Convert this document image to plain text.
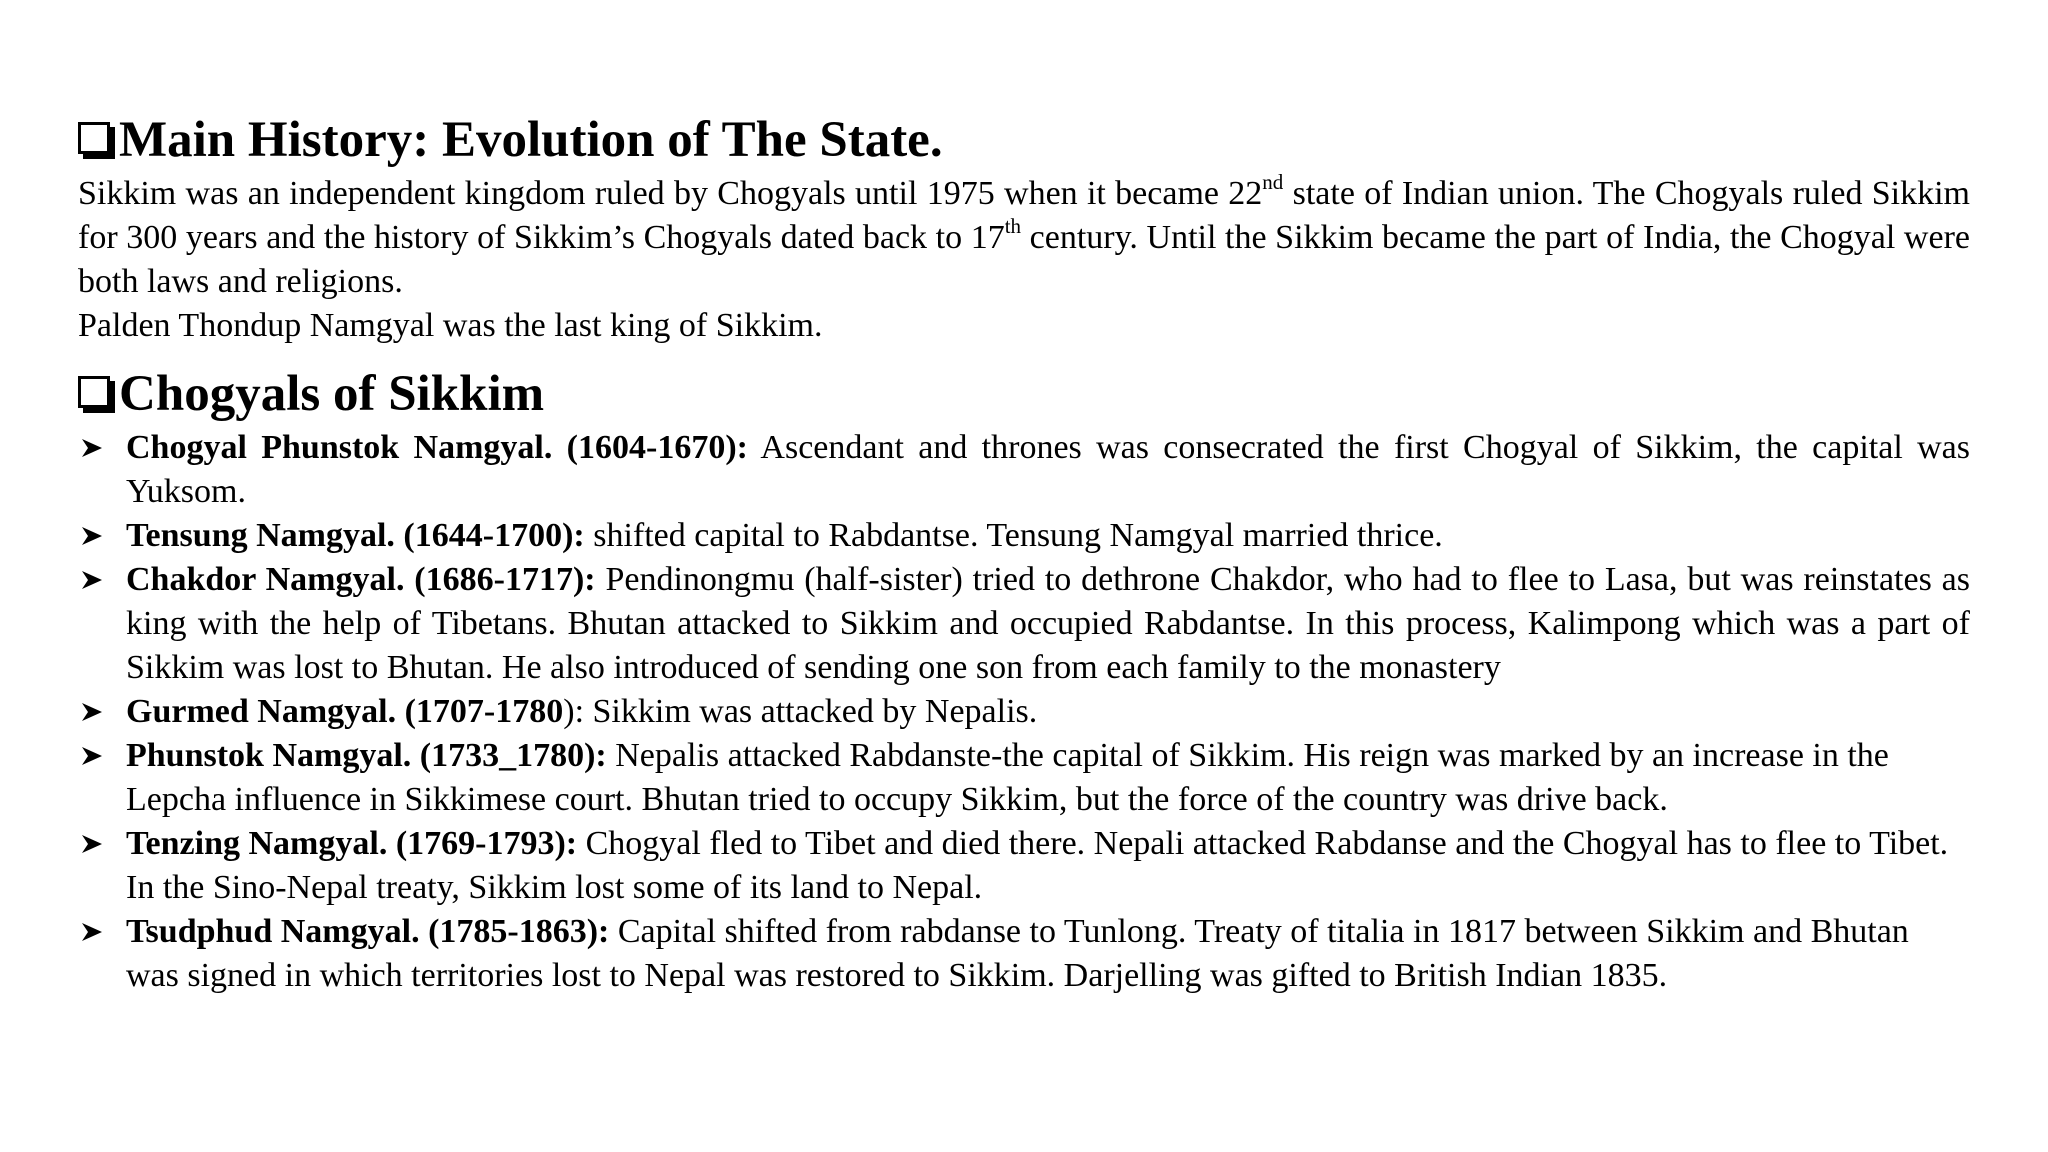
Main History: Evolution of The State.

Sikkim was an independent kingdom ruled by Chogyals until 1975 when it became 22nd state of Indian union. The Chogyals ruled Sikkim for 300 years and the history of Sikkim’s Chogyals dated back to 17th century. Until the Sikkim became the part of India, the Chogyal were both laws and religions.

Palden Thondup Namgyal was the last king of Sikkim.

Chogyals of Sikkim
Chogyal Phunstok Namgyal. (1604-1670): Ascendant and thrones was consecrated the first Chogyal of Sikkim, the capital was Yuksom.
Tensung Namgyal. (1644-1700): shifted capital to Rabdantse. Tensung Namgyal married thrice.
Chakdor Namgyal. (1686-1717): Pendinongmu (half-sister) tried to dethrone Chakdor, who had to flee to Lasa, but was reinstates as king with the help of Tibetans. Bhutan attacked to Sikkim and occupied Rabdantse. In this process, Kalimpong which was a part of Sikkim was lost to Bhutan. He also introduced of sending one son from each family to the monastery
Gurmed Namgyal. (1707-1780): Sikkim was attacked by Nepalis.
Phunstok Namgyal. (1733_1780): Nepalis attacked Rabdanste-the capital of Sikkim. His reign was marked by an increase in the Lepcha influence in Sikkimese court. Bhutan tried to occupy Sikkim, but the force of the country was drive back.
Tenzing Namgyal. (1769-1793): Chogyal fled to Tibet and died there. Nepali attacked Rabdanse and the Chogyal has to flee to Tibet. In the Sino-Nepal treaty, Sikkim lost some of its land to Nepal.
Tsudphud Namgyal. (1785-1863): Capital shifted from rabdanse to Tunlong. Treaty of titalia in 1817 between Sikkim and Bhutan was signed in which territories lost to Nepal was restored to Sikkim. Darjelling was gifted to British Indian 1835.
